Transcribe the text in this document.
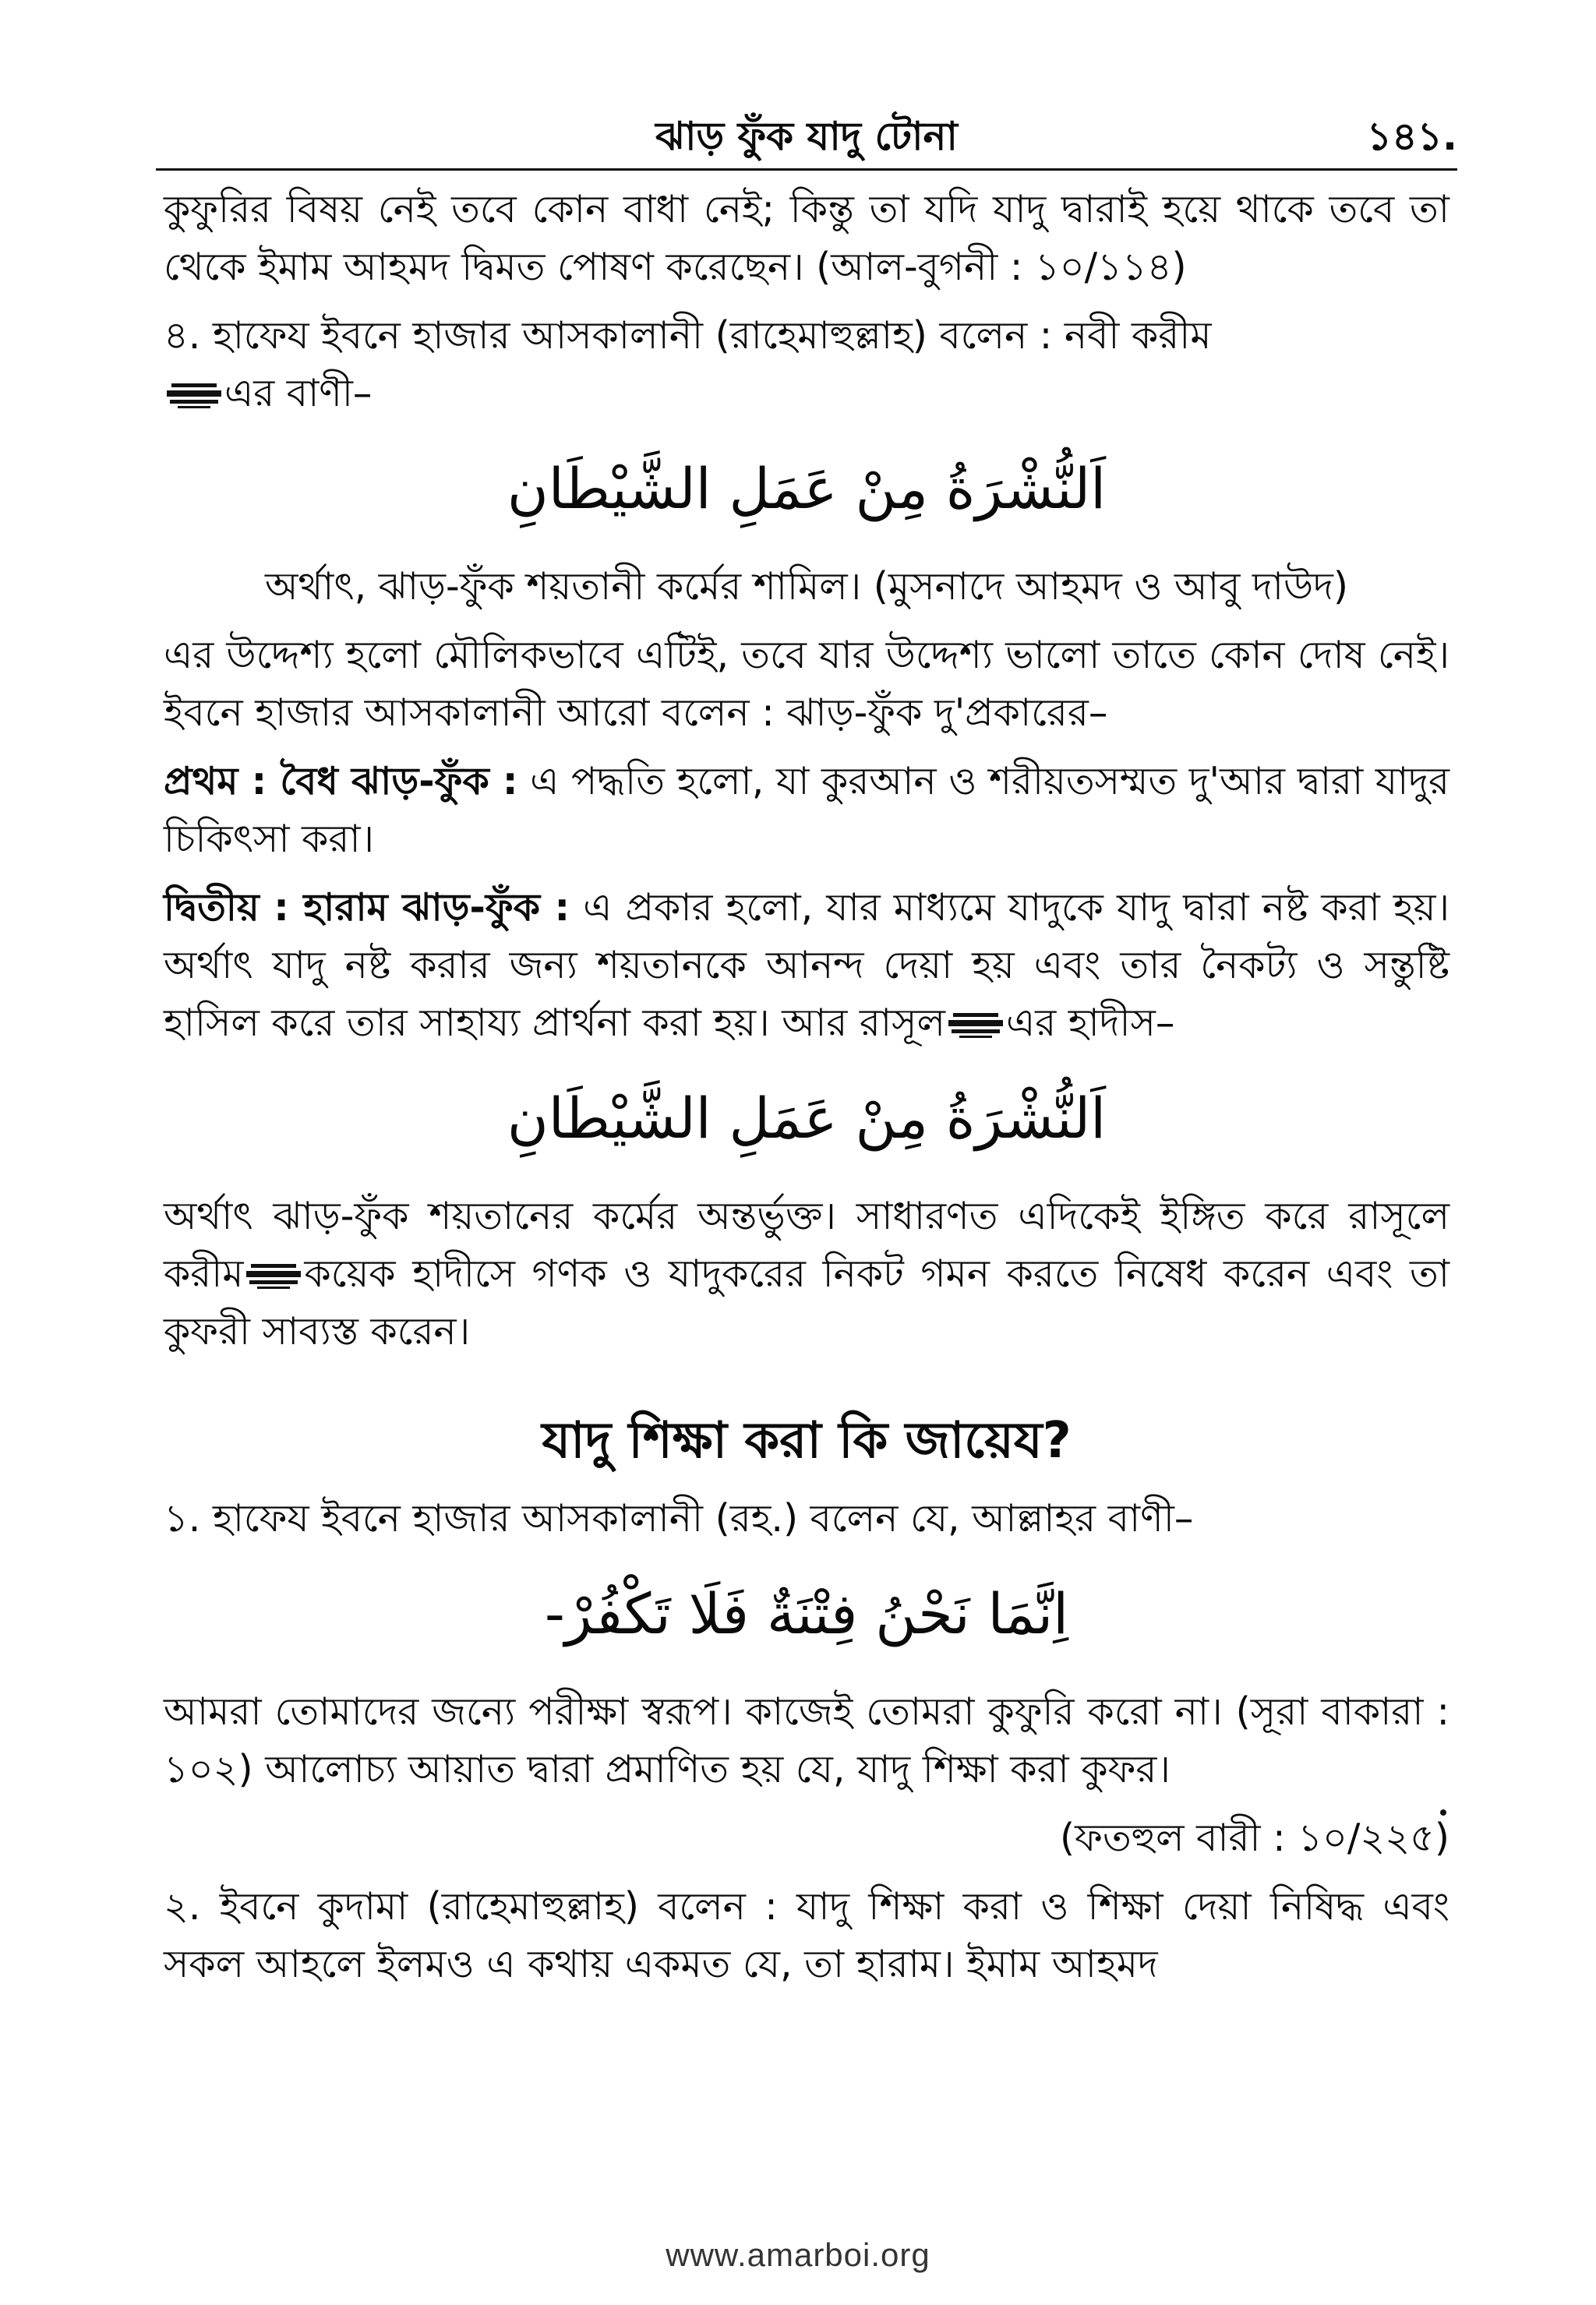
ঝাড় ফুঁক যাদু টোনা	১৪১.

কুফুরির বিষয় নেই তবে কোন বাধা নেই; কিন্তু তা যদি যাদু দ্বারাই হয়ে থাকে তবে তা থেকে ইমাম আহমদ দ্বিমত পোষণ করেছেন। (আল-বুগনী : ১০/১১৪)

৪. হাফেয ইবনে হাজার আসকালানী (রাহেমাহুল্লাহ) বলেন : নবী করীম
এর বাণী–

اَلنُّشْرَةُ مِنْ عَمَلِ الشَّيْطَانِ

অর্থাৎ, ঝাড়-ফুঁক শয়তানী কর্মের শামিল। (মুসনাদে আহমদ ও আবু দাউদ)

এর উদ্দেশ্য হলো মৌলিকভাবে এটিই, তবে যার উদ্দেশ্য ভালো তাতে কোন দোষ নেই। ইবনে হাজার আসকালানী আরো বলেন : ঝাড়-ফুঁক দু'প্রকারের–

প্রথম : বৈধ ঝাড়-ফুঁক : এ পদ্ধতি হলো, যা কুরআন ও শরীয়তসম্মত দু'আর দ্বারা যাদুর চিকিৎসা করা।

দ্বিতীয় : হারাম ঝাড়-ফুঁক : এ প্রকার হলো, যার মাধ্যমে যাদুকে যাদু দ্বারা নষ্ট করা হয়। অর্থাৎ যাদু নষ্ট করার জন্য শয়তানকে আনন্দ দেয়া হয় এবং তার নৈকট্য ও সন্তুষ্টি হাসিল করে তার সাহায্য প্রার্থনা করা হয়। আর রাসূল এর হাদীস–

اَلنُّشْرَةُ مِنْ عَمَلِ الشَّيْطَانِ

অর্থাৎ ঝাড়-ফুঁক শয়তানের কর্মের অন্তর্ভুক্ত। সাধারণত এদিকেই ইঙ্গিত করে রাসূলে করীম কয়েক হাদীসে গণক ও যাদুকরের নিকট গমন করতে নিষেধ করেন এবং তা কুফরী সাব্যস্ত করেন।

যাদু শিক্ষা করা কি জায়েয?

১. হাফেয ইবনে হাজার আসকালানী (রহ.) বলেন যে, আল্লাহর বাণী–

اِنَّمَا نَحْنُ فِتْنَةٌ فَلَا تَكْفُرْ-

আমরা তোমাদের জন্যে পরীক্ষা স্বরূপ। কাজেই তোমরা কুফুরি করো না। (সূরা বাকারা : ১০২) আলোচ্য আয়াত দ্বারা প্রমাণিত হয় যে, যাদু শিক্ষা করা কুফর।

(ফতহুল বারী : ১০/২২৫)

২. ইবনে কুদামা (রাহেমাহুল্লাহ) বলেন : যাদু শিক্ষা করা ও শিক্ষা দেয়া নিষিদ্ধ এবং সকল আহলে ইলমও এ কথায় একমত যে, তা হারাম। ইমাম আহমদ

www.amarboi.org
